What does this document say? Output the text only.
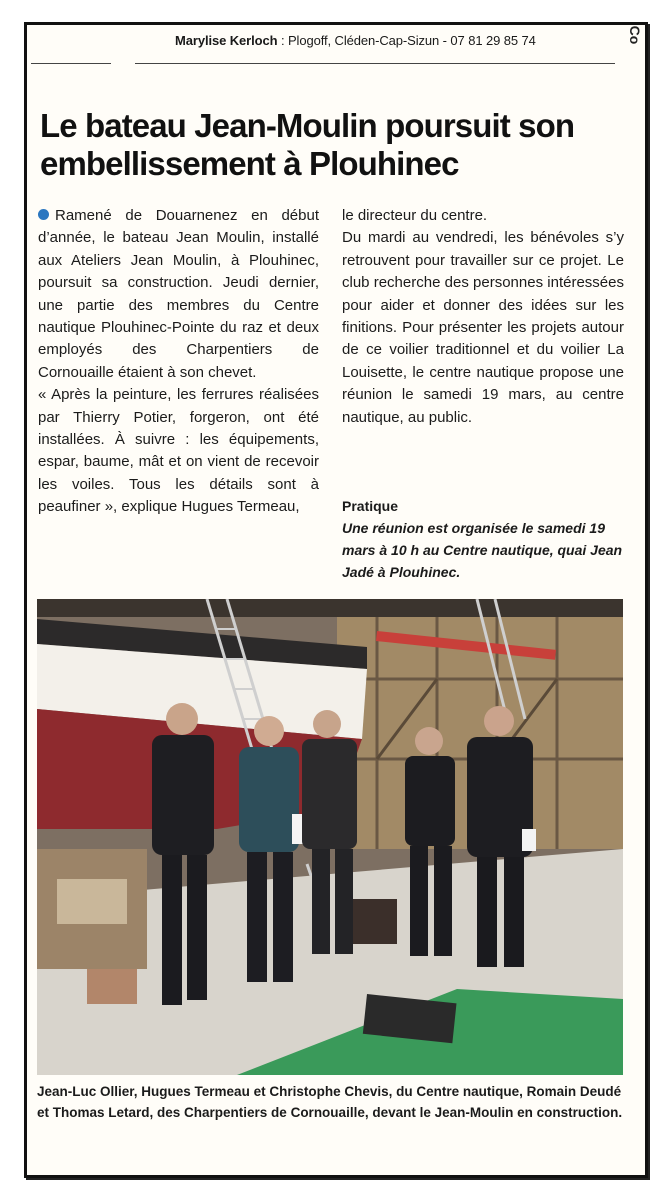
Marylise Kerloch : Plogoff, Cléden-Cap-Sizun - 07 81 29 85 74	Co
Le bateau Jean-Moulin poursuit son embellissement à Plouhinec

Ramené de Douarnenez en début d’année, le bateau Jean Moulin, installé aux Ateliers Jean Moulin, à Plouhinec, poursuit sa construction. Jeudi dernier, une partie des membres du Centre nautique Plouhinec-Pointe du raz et deux employés des Charpentiers de Cornouaille étaient à son chevet.

« Après la peinture, les ferrures réalisées par Thierry Potier, forgeron, ont été installées. À suivre : les équipements, espar, baume, mât et on vient de recevoir les voiles. Tous les détails sont à peaufiner », explique Hugues Termeau,

le directeur du centre.

Du mardi au vendredi, les bénévoles s’y retrouvent pour travailler sur ce projet. Le club recherche des personnes intéressées pour aider et donner des idées sur les finitions. Pour présenter les projets autour de ce voilier traditionnel et du voilier La Louisette, le centre nautique propose une réunion le samedi 19 mars, au centre nautique, au public.

Pratique
Une réunion est organisée le samedi 19 mars à 10 h au Centre nautique, quai Jean Jadé à Plouhinec.
Jean-Luc Ollier, Hugues Termeau et Christophe Chevis, du Centre nautique, Romain Deudé et Thomas Letard, des Charpentiers de Cornouaille, devant le Jean-Moulin en construction.
